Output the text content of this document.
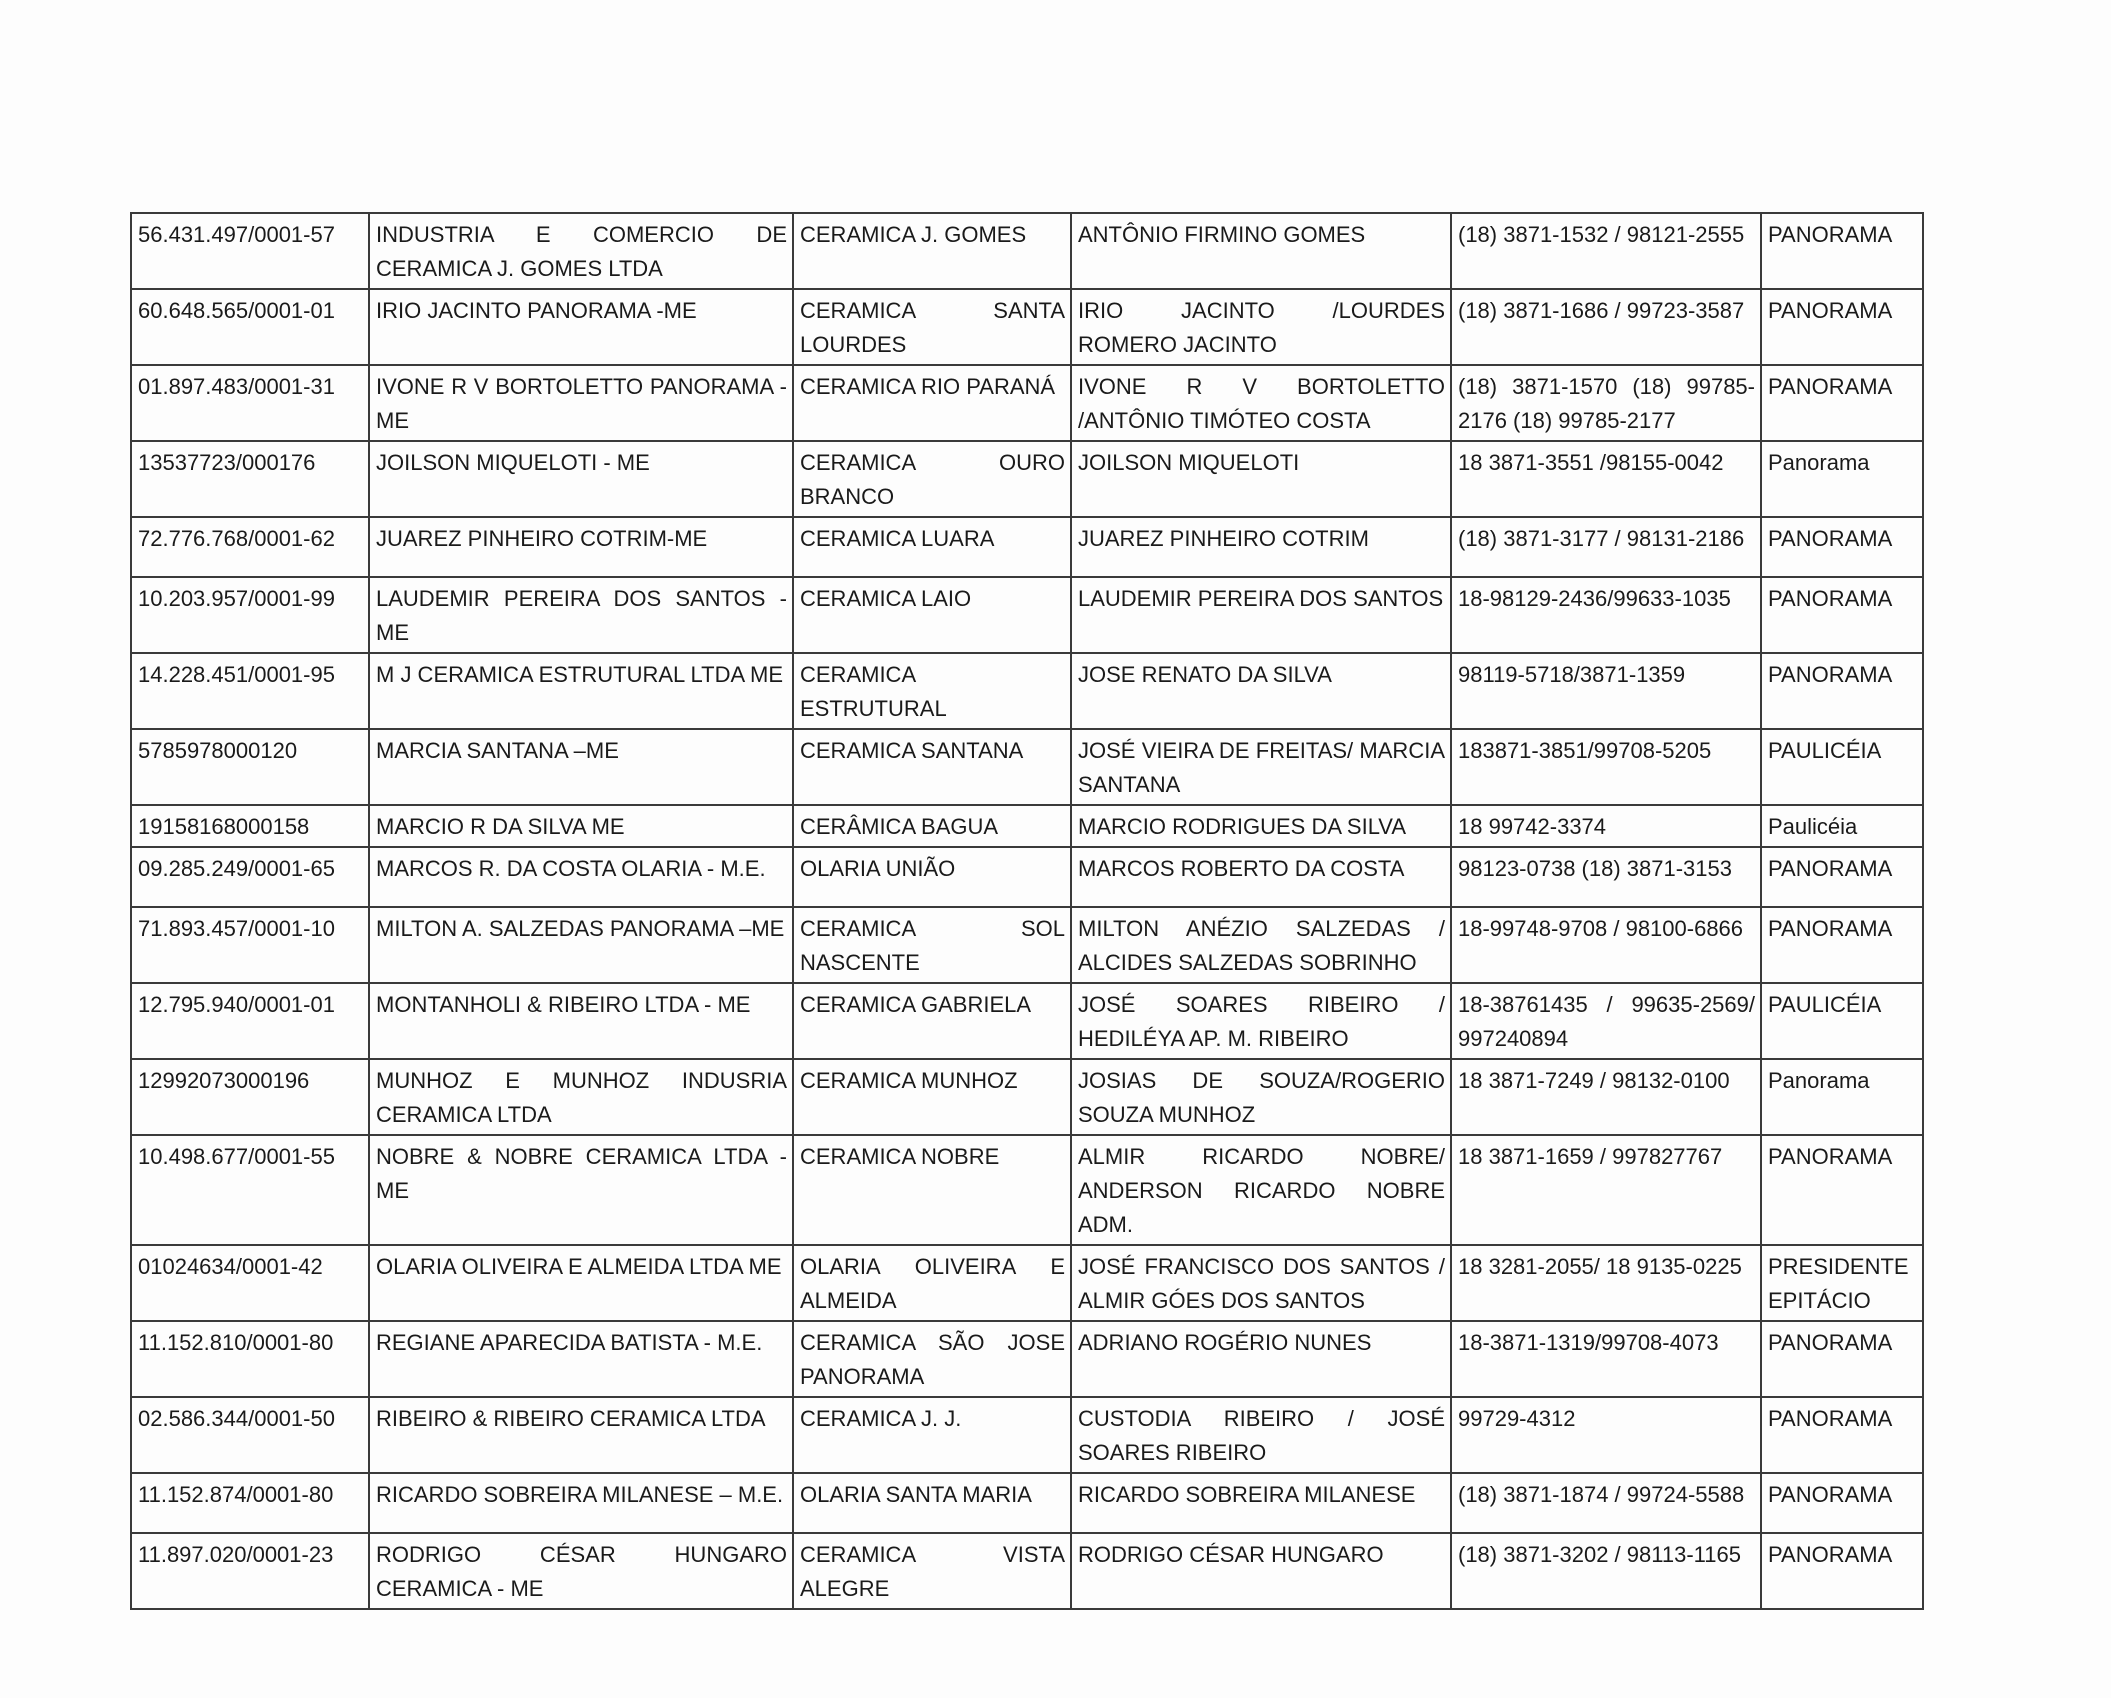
56.431.497/0001-57	INDUSTRIA E COMERCIO DE CERAMICA J. GOMES LTDA	CERAMICA J. GOMES	ANTÔNIO FIRMINO GOMES	(18) 3871-1532 / 98121-2555	PANORAMA
60.648.565/0001-01	IRIO JACINTO PANORAMA -ME	CERAMICA SANTA LOURDES	IRIO JACINTO /LOURDES ROMERO JACINTO	(18) 3871-1686 / 99723-3587	PANORAMA
01.897.483/0001-31	IVONE R V BORTOLETTO PANORAMA - ME	CERAMICA RIO PARANÁ	IVONE R V BORTOLETTO /ANTÔNIO TIMÓTEO COSTA	(18) 3871-1570 (18) 99785-2176 (18) 99785-2177	PANORAMA
13537723/000176	JOILSON MIQUELOTI - ME	CERAMICA OURO BRANCO	JOILSON MIQUELOTI	18 3871-3551 /98155-0042	Panorama
72.776.768/0001-62	JUAREZ PINHEIRO COTRIM-ME	CERAMICA LUARA	JUAREZ PINHEIRO COTRIM	(18) 3871-3177 / 98131-2186	PANORAMA
10.203.957/0001-99	LAUDEMIR PEREIRA DOS SANTOS -ME	CERAMICA LAIO	LAUDEMIR PEREIRA DOS SANTOS	18-98129-2436/99633-1035	PANORAMA
14.228.451/0001-95	M J CERAMICA ESTRUTURAL LTDA ME	CERAMICA ESTRUTURAL	JOSE RENATO DA SILVA	98119-5718/3871-1359	PANORAMA
5785978000120	MARCIA SANTANA –ME	CERAMICA SANTANA	JOSÉ VIEIRA DE FREITAS/ MARCIA SANTANA	183871-3851/99708-5205	PAULICÉIA
19158168000158	MARCIO R DA SILVA ME	CERÂMICA BAGUA	MARCIO RODRIGUES DA SILVA	18 99742-3374	Paulicéia
09.285.249/0001-65	MARCOS R. DA COSTA OLARIA - M.E.	OLARIA UNIÃO	MARCOS ROBERTO DA COSTA	98123-0738 (18) 3871-3153	PANORAMA
71.893.457/0001-10	MILTON A. SALZEDAS PANORAMA –ME	CERAMICA SOL NASCENTE	MILTON ANÉZIO SALZEDAS / ALCIDES SALZEDAS SOBRINHO	18-99748-9708 / 98100-6866	PANORAMA
12.795.940/0001-01	MONTANHOLI & RIBEIRO LTDA - ME	CERAMICA GABRIELA	JOSÉ SOARES RIBEIRO / HEDILÉYA AP. M. RIBEIRO	18-38761435 / 99635-2569/ 997240894	PAULICÉIA
12992073000196	MUNHOZ E MUNHOZ INDUSRIA CERAMICA LTDA	CERAMICA MUNHOZ	JOSIAS DE SOUZA/ROGERIO SOUZA MUNHOZ	18 3871-7249 / 98132-0100	Panorama
10.498.677/0001-55	NOBRE & NOBRE CERAMICA LTDA - ME	CERAMICA NOBRE	ALMIR RICARDO NOBRE/ ANDERSON RICARDO NOBRE ADM.	18 3871-1659 / 997827767	PANORAMA
01024634/0001-42	OLARIA OLIVEIRA E ALMEIDA LTDA ME	OLARIA OLIVEIRA E ALMEIDA	JOSÉ FRANCISCO DOS SANTOS / ALMIR GÓES DOS SANTOS	18 3281-2055/ 18 9135-0225	PRESIDENTE EPITÁCIO
11.152.810/0001-80	REGIANE APARECIDA BATISTA - M.E.	CERAMICA SÃO JOSE PANORAMA	ADRIANO ROGÉRIO NUNES	18-3871-1319/99708-4073	PANORAMA
02.586.344/0001-50	RIBEIRO & RIBEIRO CERAMICA LTDA	CERAMICA J. J.	CUSTODIA RIBEIRO / JOSÉ SOARES RIBEIRO	99729-4312	PANORAMA
11.152.874/0001-80	RICARDO SOBREIRA MILANESE – M.E.	OLARIA SANTA MARIA	RICARDO SOBREIRA MILANESE	(18) 3871-1874 / 99724-5588	PANORAMA
11.897.020/0001-23	RODRIGO CÉSAR HUNGARO CERAMICA - ME	CERAMICA VISTA ALEGRE	RODRIGO CÉSAR HUNGARO	(18) 3871-3202 / 98113-1165	PANORAMA
